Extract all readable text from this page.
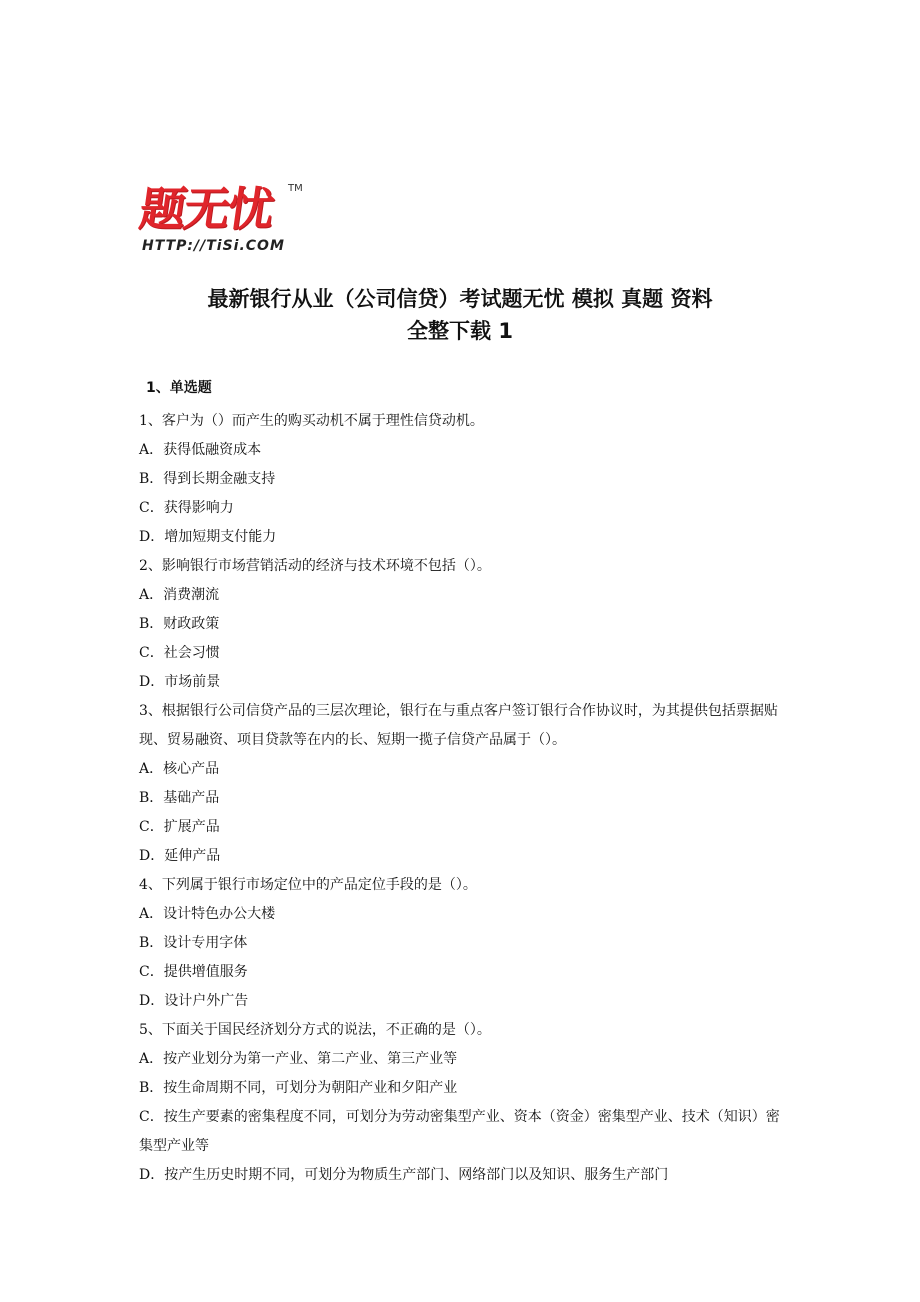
题无忧 TM
HTTP://TiSi.COM
最新银行从业（公司信贷）考试题无忧 模拟 真题 资料
全整下载 1
1、单选题

1、客户为（）而产生的购买动机不属于理性信贷动机。

A．获得低融资成本

B．得到长期金融支持

C．获得影响力

D．增加短期支付能力

2、影响银行市场营销活动的经济与技术环境不包括（）。

A．消费潮流

B．财政政策

C．社会习惯

D．市场前景

3、根据银行公司信贷产品的三层次理论，银行在与重点客户签订银行合作协议时，为其提供包括票据贴现、贸易融资、项目贷款等在内的长、短期一揽子信贷产品属于（）。

A．核心产品

B．基础产品

C．扩展产品

D．延伸产品

4、下列属于银行市场定位中的产品定位手段的是（）。

A．设计特色办公大楼

B．设计专用字体

C．提供增值服务

D．设计户外广告

5、下面关于国民经济划分方式的说法，不正确的是（）。

A．按产业划分为第一产业、第二产业、第三产业等

B．按生命周期不同，可划分为朝阳产业和夕阳产业

C．按生产要素的密集程度不同，可划分为劳动密集型产业、资本（资金）密集型产业、技术（知识）密集型产业等

D．按产生历史时期不同，可划分为物质生产部门、网络部门以及知识、服务生产部门
